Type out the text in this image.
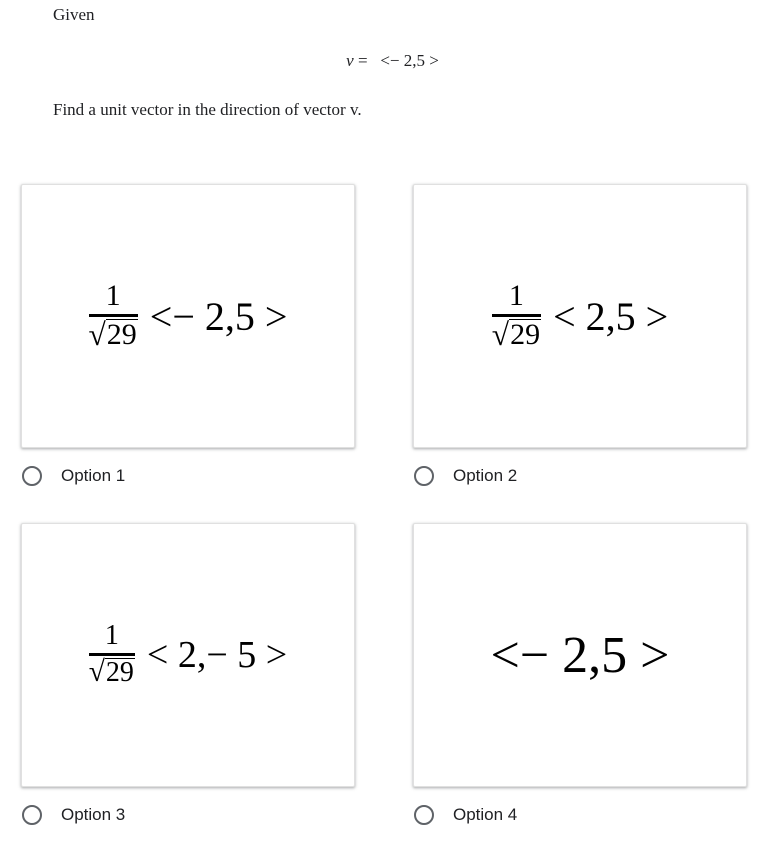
Given
v = <− 2,5 >
Find a unit vector in the direction of vector v.
$\frac{1}{√ 29} <- 2,5$ >
Option 1
$\frac{1}{√ 29} < 2,5$ >
Option 2
$\frac{1}{√ 29} < 2,- 5$ >
Option 3
<− 2,5 >
Option 4
